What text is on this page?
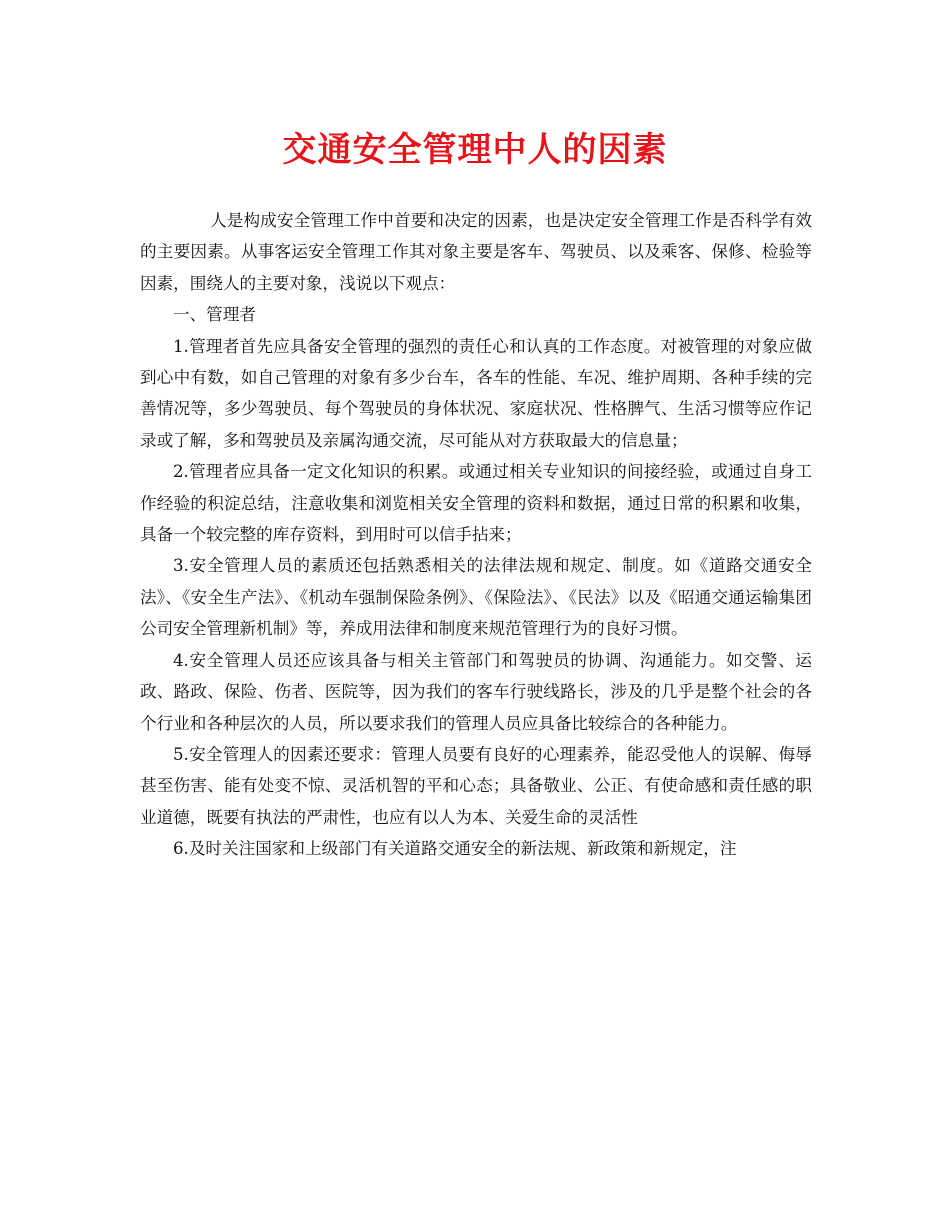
交通安全管理中人的因素

人是构成安全管理工作中首要和决定的因素，也是决定安全管理工作是否科学有效的主要因素。从事客运安全管理工作其对象主要是客车、驾驶员、以及乘客、保修、检验等因素，围绕人的主要对象，浅说以下观点：

一、管理者

1.管理者首先应具备安全管理的强烈的责任心和认真的工作态度。对被管理的对象应做到心中有数，如自己管理的对象有多少台车，各车的性能、车况、维护周期、各种手续的完善情况等，多少驾驶员、每个驾驶员的身体状况、家庭状况、性格脾气、生活习惯等应作记录或了解，多和驾驶员及亲属沟通交流，尽可能从对方获取最大的信息量；

2.管理者应具备一定文化知识的积累。或通过相关专业知识的间接经验，或通过自身工作经验的积淀总结，注意收集和浏览相关安全管理的资料和数据，通过日常的积累和收集，具备一个较完整的库存资料，到用时可以信手拈来；

3.安全管理人员的素质还包括熟悉相关的法律法规和规定、制度。如《道路交通安全法》、《安全生产法》、《机动车强制保险条例》、《保险法》、《民法》以及《昭通交通运输集团公司安全管理新机制》等，养成用法律和制度来规范管理行为的良好习惯。

4.安全管理人员还应该具备与相关主管部门和驾驶员的协调、沟通能力。如交警、运政、路政、保险、伤者、医院等，因为我们的客车行驶线路长，涉及的几乎是整个社会的各个行业和各种层次的人员，所以要求我们的管理人员应具备比较综合的各种能力。

5.安全管理人的因素还要求：管理人员要有良好的心理素养，能忍受他人的误解、侮辱甚至伤害、能有处变不惊、灵活机智的平和心态；具备敬业、公正、有使命感和责任感的职业道德，既要有执法的严肃性，也应有以人为本、关爱生命的灵活性

6.及时关注国家和上级部门有关道路交通安全的新法规、新政策和新规定，注
